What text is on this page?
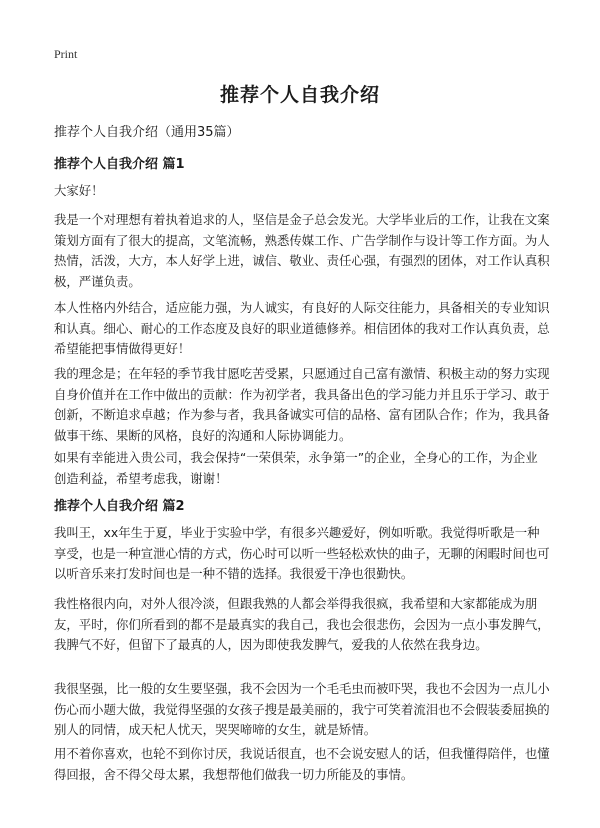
Print
推荐个人自我介绍
推荐个人自我介绍（通用35篇）
推荐个人自我介绍 篇1

大家好！

我是一个对理想有着执着追求的人，坚信是金子总会发光。大学毕业后的工作，让我在文案策划方面有了很大的提高，文笔流畅，熟悉传媒工作、广告学制作与设计等工作方面。为人热情，活泼，大方，本人好学上进，诚信、敬业、责任心强，有强烈的团体，对工作认真积极，严谨负责。

本人性格内外结合，适应能力强，为人诚实，有良好的人际交往能力，具备相关的专业知识和认真。细心、耐心的工作态度及良好的职业道德修养。相信团体的我对工作认真负责，总希望能把事情做得更好！

我的理念是；在年轻的季节我甘愿吃苦受累，只愿通过自己富有激情、积极主动的努力实现自身价值并在工作中做出的贡献：作为初学者，我具备出色的学习能力并且乐于学习、敢于创新，不断追求卓越；作为参与者，我具备诚实可信的品格、富有团队合作；作为，我具备做事干练、果断的风格，良好的沟通和人际协调能力。

如果有幸能进入贵公司，我会保持“一荣俱荣，永争第一”的企业，全身心的工作，为企业创造利益，希望考虑我，谢谢！

推荐个人自我介绍 篇2

我叫王，xx年生于夏，毕业于实验中学，有很多兴趣爱好，例如听歌。我觉得听歌是一种享受，也是一种宣泄心情的方式，伤心时可以听一些轻松欢快的曲子，无聊的闲暇时间也可以听音乐来打发时间也是一种不错的选择。我很爱干净也很勤快。

我性格很内向，对外人很冷淡，但跟我熟的人都会举得我很疯，我希望和大家都能成为朋友，平时，你们所看到的都不是最真实的我自己，我也会很悲伤，会因为一点小事发脾气，我脾气不好，但留下了最真的人，因为即使我发脾气，爱我的人依然在我身边。

我很坚强，比一般的女生要坚强，我不会因为一个毛毛虫而被吓哭，我也不会因为一点儿小伤心而小题大做，我觉得坚强的女孩子搜是最美丽的，我宁可笑着流泪也不会假装委屈换的别人的同情，成天杞人忧天，哭哭啼啼的女生，就是矫情。

用不着你喜欢，也轮不到你讨厌，我说话很直，也不会说安慰人的话，但我懂得陪伴，也懂得回报，舍不得父母太累，我想帮他们做我一切力所能及的事情。
